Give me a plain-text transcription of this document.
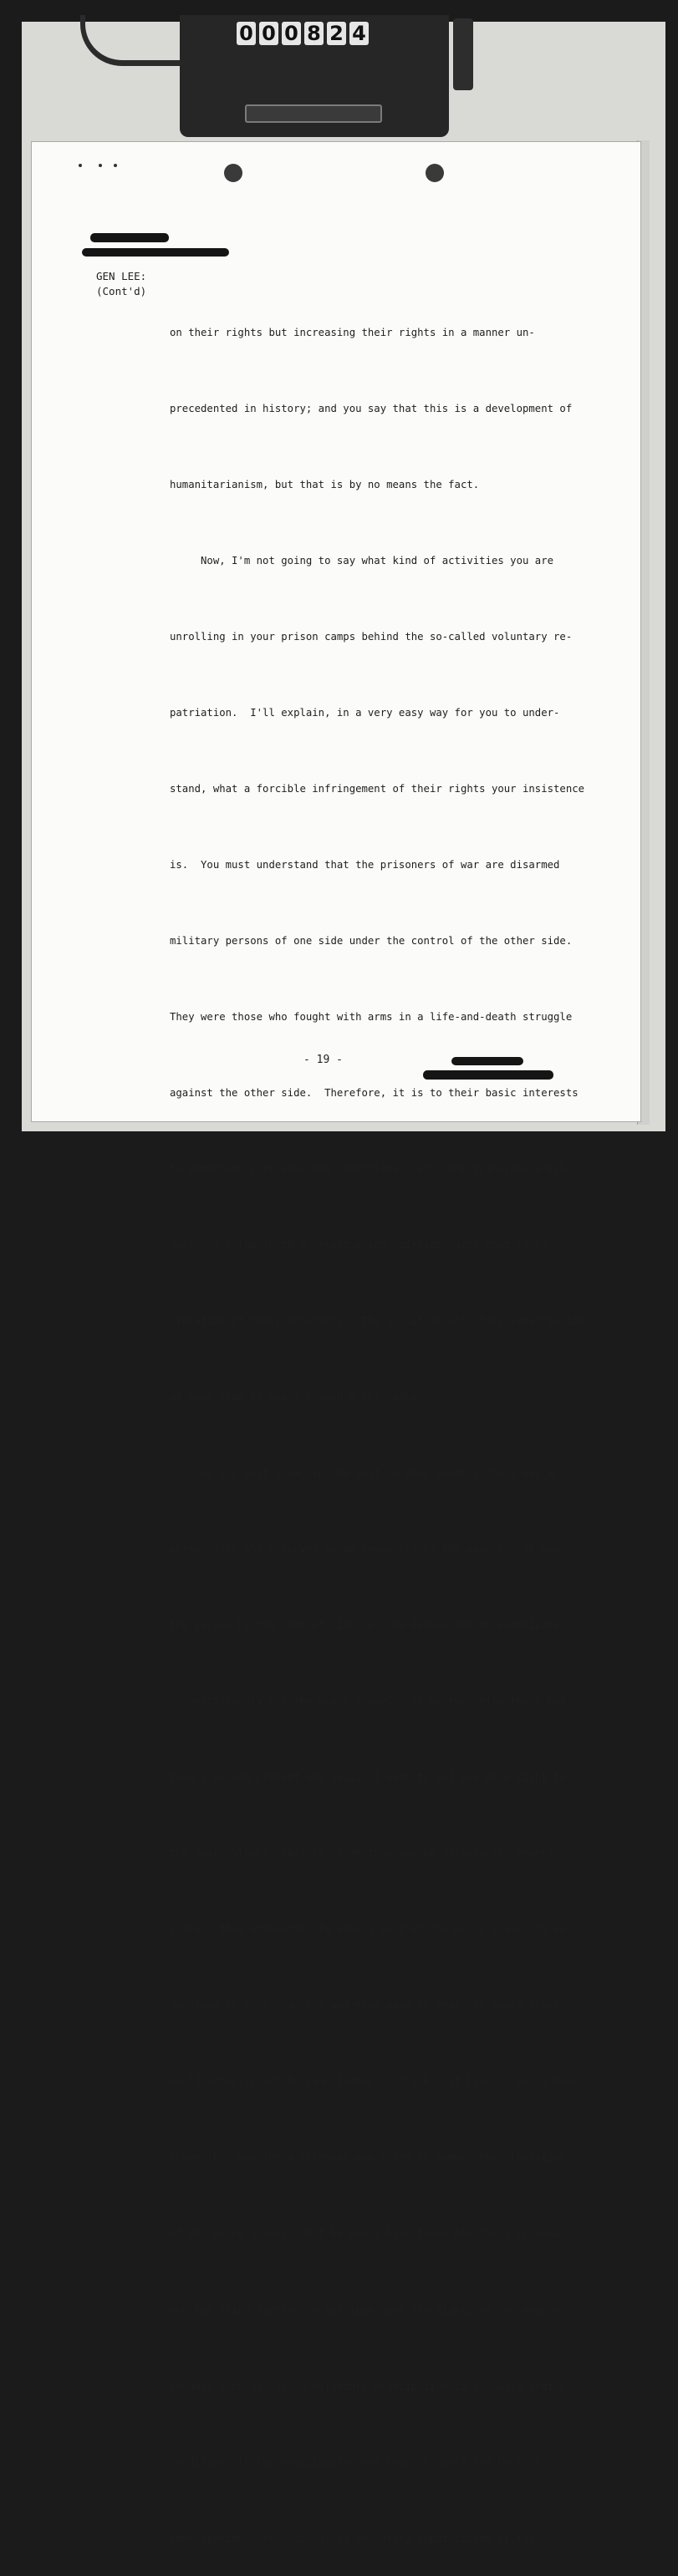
0 0 0 8 2 4
GEN LEE:
(Cont'd)

on their rights but increasing their rights in a manner un-

precedented in history; and you say that this is a development of

humanitarianism, but that is by no means the fact.

Now, I'm not going to say what kind of activities you are

unrolling in your prison camps behind the so-called voluntary re-

patriation.  I'll explain, in a very easy way for you to under-

stand, what a forcible infringement of their rights your insistence

is.  You must understand that the prisoners of war are disarmed

military persons of one side under the control of the other side.

They were those who fought with arms in a life-and-death struggle

against the other side.  Therefore, it is to their basic interests

to immediately release and repatriate them.  Any principle which

does not bring forth a result which coincides with that is in

violation of their interests.  The so-called voluntary repatriation

of your side is exactly such a principle.

As you must know, in the past in your country there was a

personality who deserves to be respected by the people.  He was

the person by the name of Lincoln.  He determined to emancipate

unconditionally all the negro slaves.  If at that time there had

been a person present who said, "I want to add one more right to

the negro slaves, that is, that they may be voluntarily emanci-

pated," thus attempting to make a part of the negro slaves to be

deceived by their masters and thus make it that the negro slaves

would actually not be emancipated, I think that Lincoln would have

taken this man for a criminal who tried to hamper the liberation

of the negro slaves, that he would have taken him for a criminal

who had tried further to infringe upon the rights of the negros,

because such so-called voluntary emancipation is actually adding

conditions to the emancipation and thus it could not be real

emancipation.  Your so-called voluntary repatriation of the

- 19 -
